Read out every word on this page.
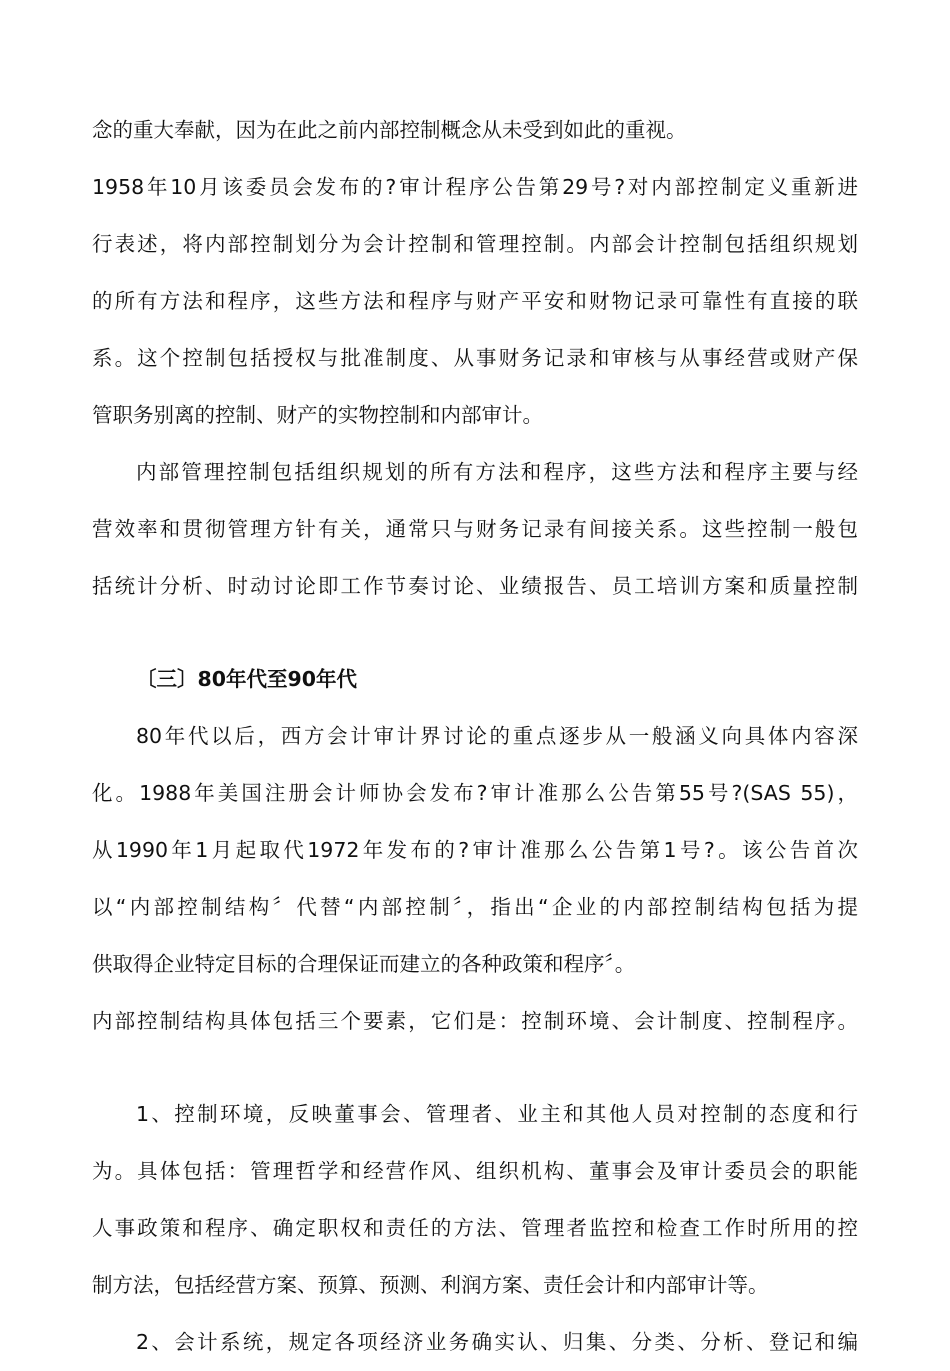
念的重大奉献，因为在此之前内部控制概念从未受到如此的重视。
1958年10月该委员会发布的?审计程序公告第29号?对内部控制定义重新进
行表述，将内部控制划分为会计控制和管理控制。内部会计控制包括组织规划
的所有方法和程序，这些方法和程序与财产平安和财物记录可靠性有直接的联
系。这个控制包括授权与批准制度、从事财务记录和审核与从事经营或财产保
管职务别离的控制、财产的实物控制和内部审计。
内部管理控制包括组织规划的所有方法和程序，这些方法和程序主要与经
营效率和贯彻管理方针有关，通常只与财务记录有间接关系。这些控制一般包
括统计分析、时动讨论即工作节奏讨论、业绩报告、员工培训方案和质量控制
〔三〕80年代至90年代
80年代以后，西方会计审计界讨论的重点逐步从一般涵义向具体内容深
化。1988年美国注册会计师协会发布?审计准那么公告第55号?(SAS 55)，
从1990年1月起取代1972年发布的?审计准那么公告第1号?。该公告首次
以“内部控制结构〞代替“内部控制〞，指出“企业的内部控制结构包括为提
供取得企业特定目标的合理保证而建立的各种政策和程序〞。
内部控制结构具体包括三个要素，它们是：控制环境、会计制度、控制程序。
1、控制环境，反映董事会、管理者、业主和其他人员对控制的态度和行
为。具体包括：管理哲学和经营作风、组织机构、董事会及审计委员会的职能
人事政策和程序、确定职权和责任的方法、管理者监控和检查工作时所用的控
制方法，包括经营方案、预算、预测、利润方案、责任会计和内部审计等。
2、会计系统，规定各项经济业务确实认、归集、分类、分析、登记和编
